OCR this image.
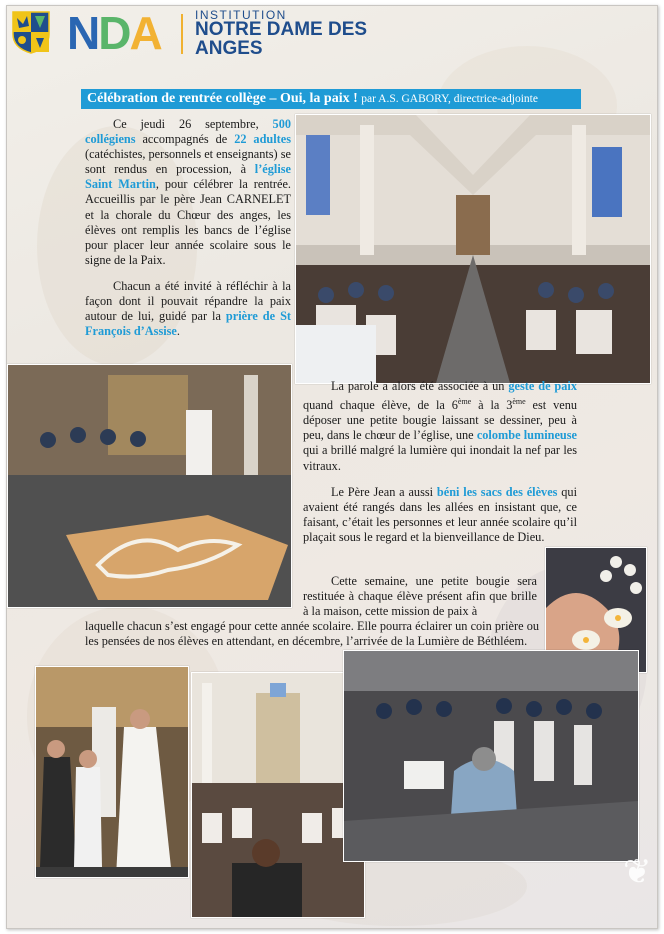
NDA	INSTITUTION
NOTRE DAME DES ANGES
Célébration de rentrée collège – Oui, la paix ! par A.S. GABORY, directrice-adjointe

Ce jeudi 26 septembre, 500 collégiens accompagnés de 22 adultes (catéchistes, personnels et enseignants) se sont rendus en procession, à l’église Saint Martin, pour célébrer la rentrée. Accueillis par le père Jean CARNELET et la chorale du Chœur des anges, les élèves ont remplis les bancs de l’église pour placer leur année scolaire sous le signe de la Paix.

Chacun a été invité à réfléchir à la façon dont il pouvait répandre la paix autour de lui, guidé par la prière de St François d’Assise.

La parole a alors été associée à un geste de paix quand chaque élève, de la 6ème à la 3ème est venu déposer une petite bougie laissant se dessiner, peu à peu, dans le chœur de l’église, une colombe lumineuse qui a brillé malgré la lumière qui inondait la nef par les vitraux.

Le Père Jean a aussi béni les sacs des élèves qui avaient été rangés dans les allées en insistant que, ce faisant, c’était les personnes et leur année scolaire qu’il plaçait sous le regard et la bienveillance de Dieu.

Cette semaine, une petite bougie sera restituée à chaque élève présent afin que brille à la maison, cette mission de paix à

laquelle chacun s’est engagé pour cette année scolaire. Elle pourra éclairer un coin prière ou les pensées de nos élèves en attendant, en décembre, l’arrivée de la Lumière de Béthléem.

❦
